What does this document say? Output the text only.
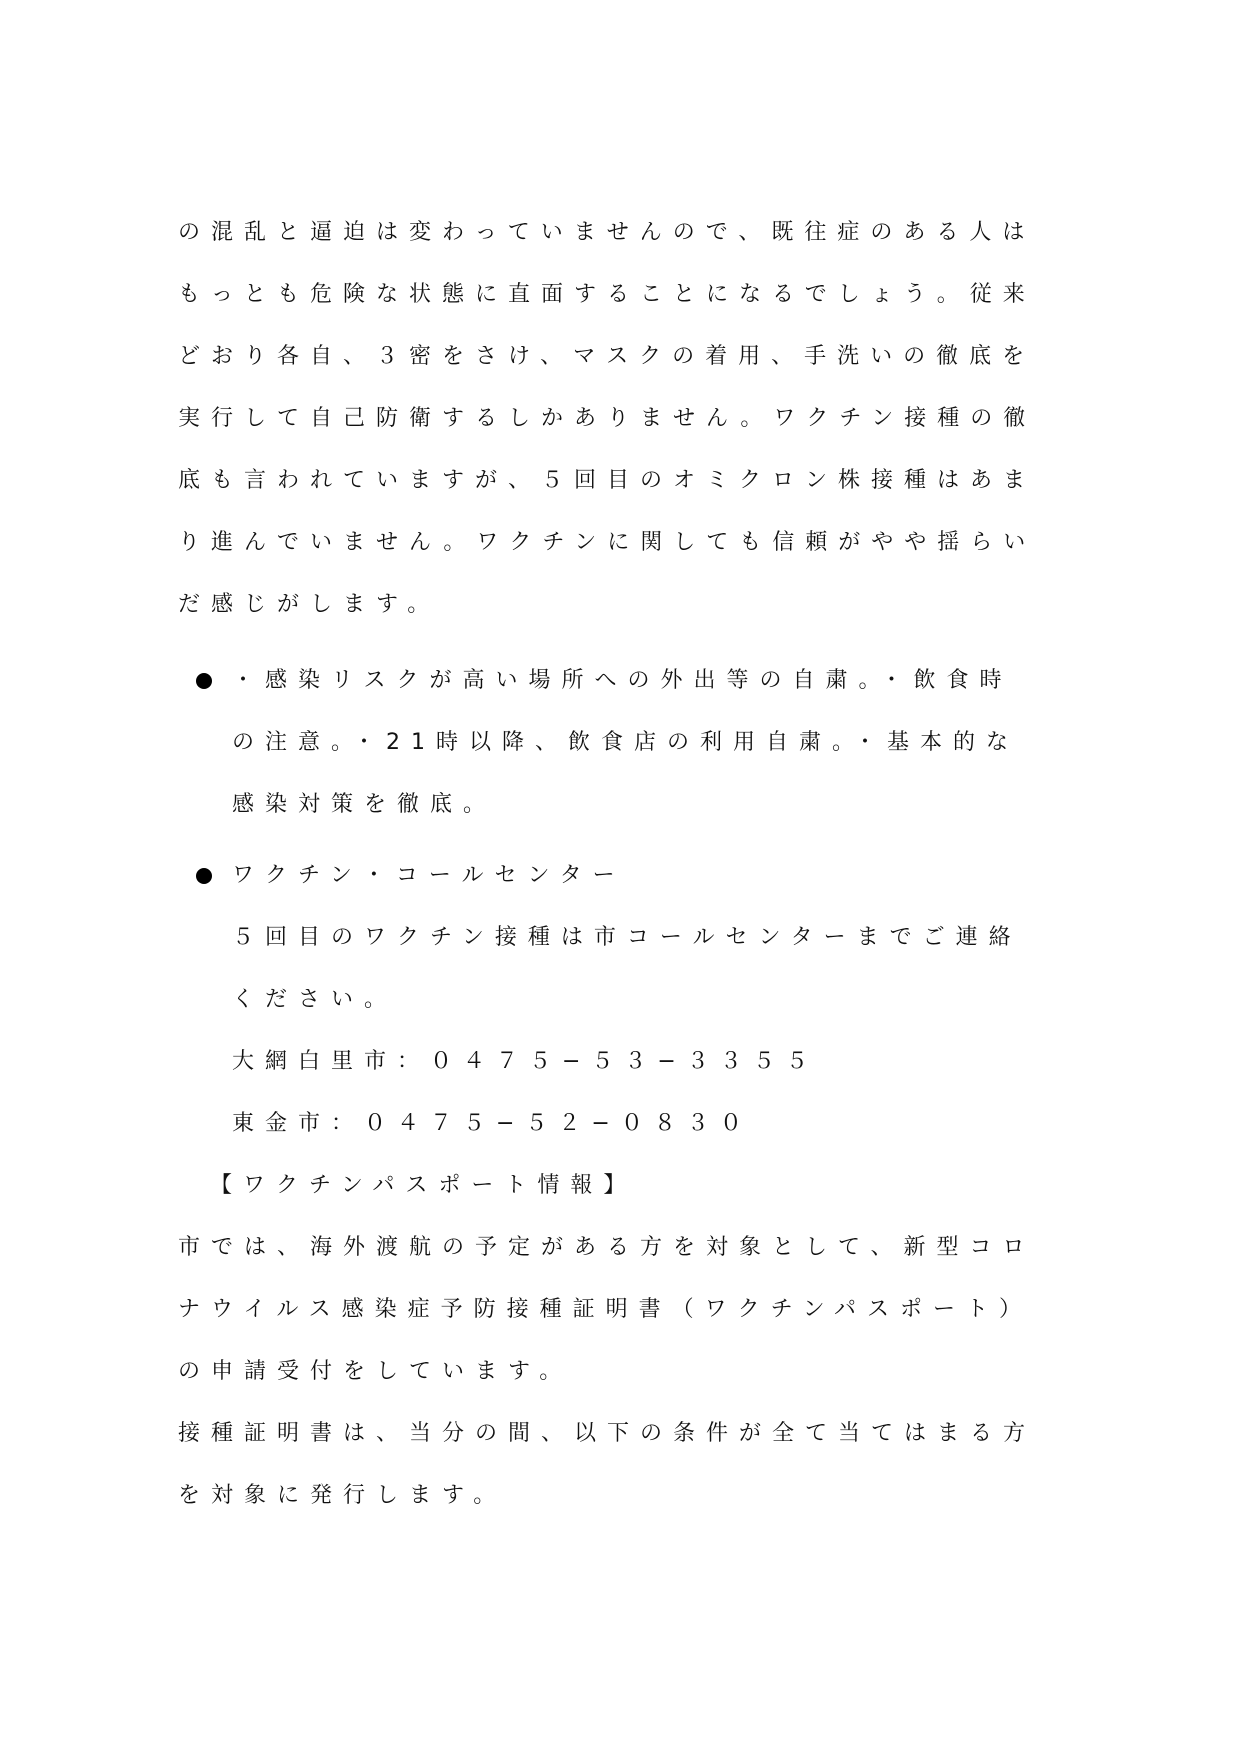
の混乱と逼迫は変わっていませんので、既往症のある人は
もっとも危険な状態に直面することになるでしょう。従来
どおり各自、３密をさけ、マスクの着用、手洗いの徹底を
実行して自己防衛するしかありません。ワクチン接種の徹
底も言われていますが、５回目のオミクロン株接種はあま
り進んでいません。ワクチンに関しても信頼がやや揺らい
だ感じがします。
・感染リスクが高い場所への外出等の自粛。・飲食時
の注意。・21時以降、飲食店の利用自粛。・基本的な
感染対策を徹底。
ワクチン・コールセンター
５回目のワクチン接種は市コールセンターまでご連絡
ください。
大網白里市：０４７５−５３−３３５５
東金市：０４７５−５２−０８３０
【ワクチンパスポート情報】
市では、海外渡航の予定がある方を対象として、新型コロ
ナウイルス感染症予防接種証明書（ワクチンパスポート）
の申請受付をしています。
接種証明書は、当分の間、以下の条件が全て当てはまる方
を対象に発行します。
